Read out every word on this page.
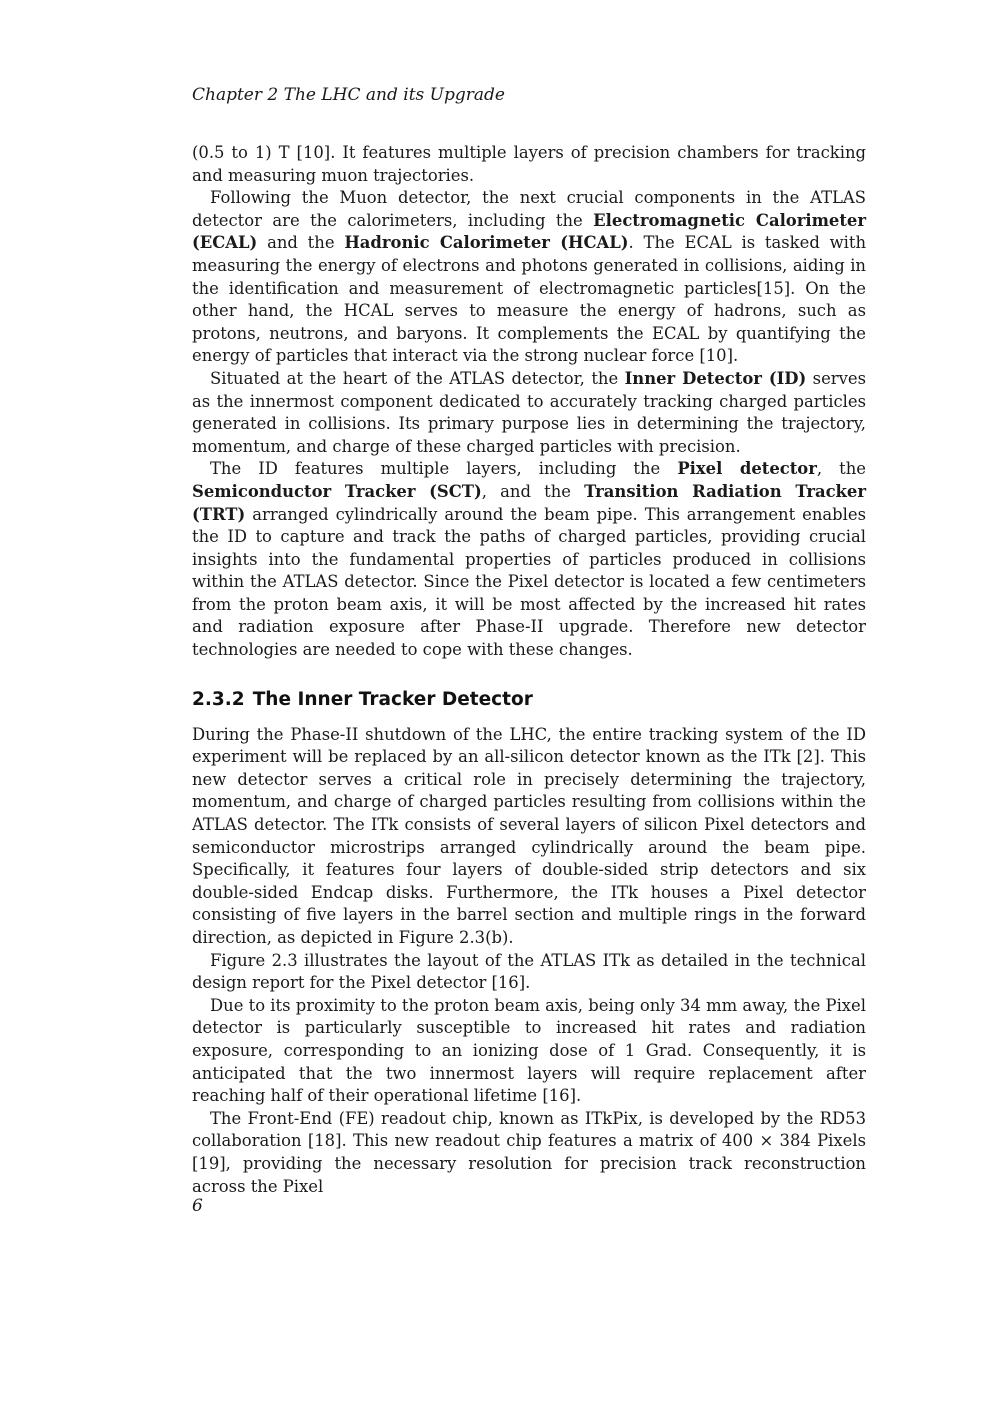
Chapter 2 The LHC and its Upgrade

(0.5 to 1) T [10]. It features multiple layers of precision chambers for tracking and measuring muon trajectories.

Following the Muon detector, the next crucial components in the ATLAS detector are the calorimeters, including the Electromagnetic Calorimeter (ECAL) and the Hadronic Calorimeter (HCAL). The ECAL is tasked with measuring the energy of electrons and photons generated in collisions, aiding in the identification and measurement of electromagnetic particles[15]. On the other hand, the HCAL serves to measure the energy of hadrons, such as protons, neutrons, and baryons. It complements the ECAL by quantifying the energy of particles that interact via the strong nuclear force [10].

Situated at the heart of the ATLAS detector, the Inner Detector (ID) serves as the innermost component dedicated to accurately tracking charged particles generated in collisions. Its primary purpose lies in determining the trajectory, momentum, and charge of these charged particles with precision.

The ID features multiple layers, including the Pixel detector, the Semiconductor Tracker (SCT), and the Transition Radiation Tracker (TRT) arranged cylindrically around the beam pipe. This arrangement enables the ID to capture and track the paths of charged particles, providing crucial insights into the fundamental properties of particles produced in collisions within the ATLAS detector. Since the Pixel detector is located a few centimeters from the proton beam axis, it will be most affected by the increased hit rates and radiation exposure after Phase-II upgrade. Therefore new detector technologies are needed to cope with these changes.

2.3.2 The Inner Tracker Detector

During the Phase-II shutdown of the LHC, the entire tracking system of the ID experiment will be replaced by an all-silicon detector known as the ITk [2]. This new detector serves a critical role in precisely determining the trajectory, momentum, and charge of charged particles resulting from collisions within the ATLAS detector. The ITk consists of several layers of silicon Pixel detectors and semiconductor microstrips arranged cylindrically around the beam pipe. Specifically, it features four layers of double-sided strip detectors and six double-sided Endcap disks. Furthermore, the ITk houses a Pixel detector consisting of five layers in the barrel section and multiple rings in the forward direction, as depicted in Figure 2.3(b).

Figure 2.3 illustrates the layout of the ATLAS ITk as detailed in the technical design report for the Pixel detector [16].

Due to its proximity to the proton beam axis, being only 34 mm away, the Pixel detector is particularly susceptible to increased hit rates and radiation exposure, corresponding to an ionizing dose of 1 Grad. Consequently, it is anticipated that the two innermost layers will require replacement after reaching half of their operational lifetime [16].

The Front-End (FE) readout chip, known as ITkPix, is developed by the RD53 collaboration [18]. This new readout chip features a matrix of 400 × 384 Pixels [19], providing the necessary resolution for precision track reconstruction across the Pixel

6
